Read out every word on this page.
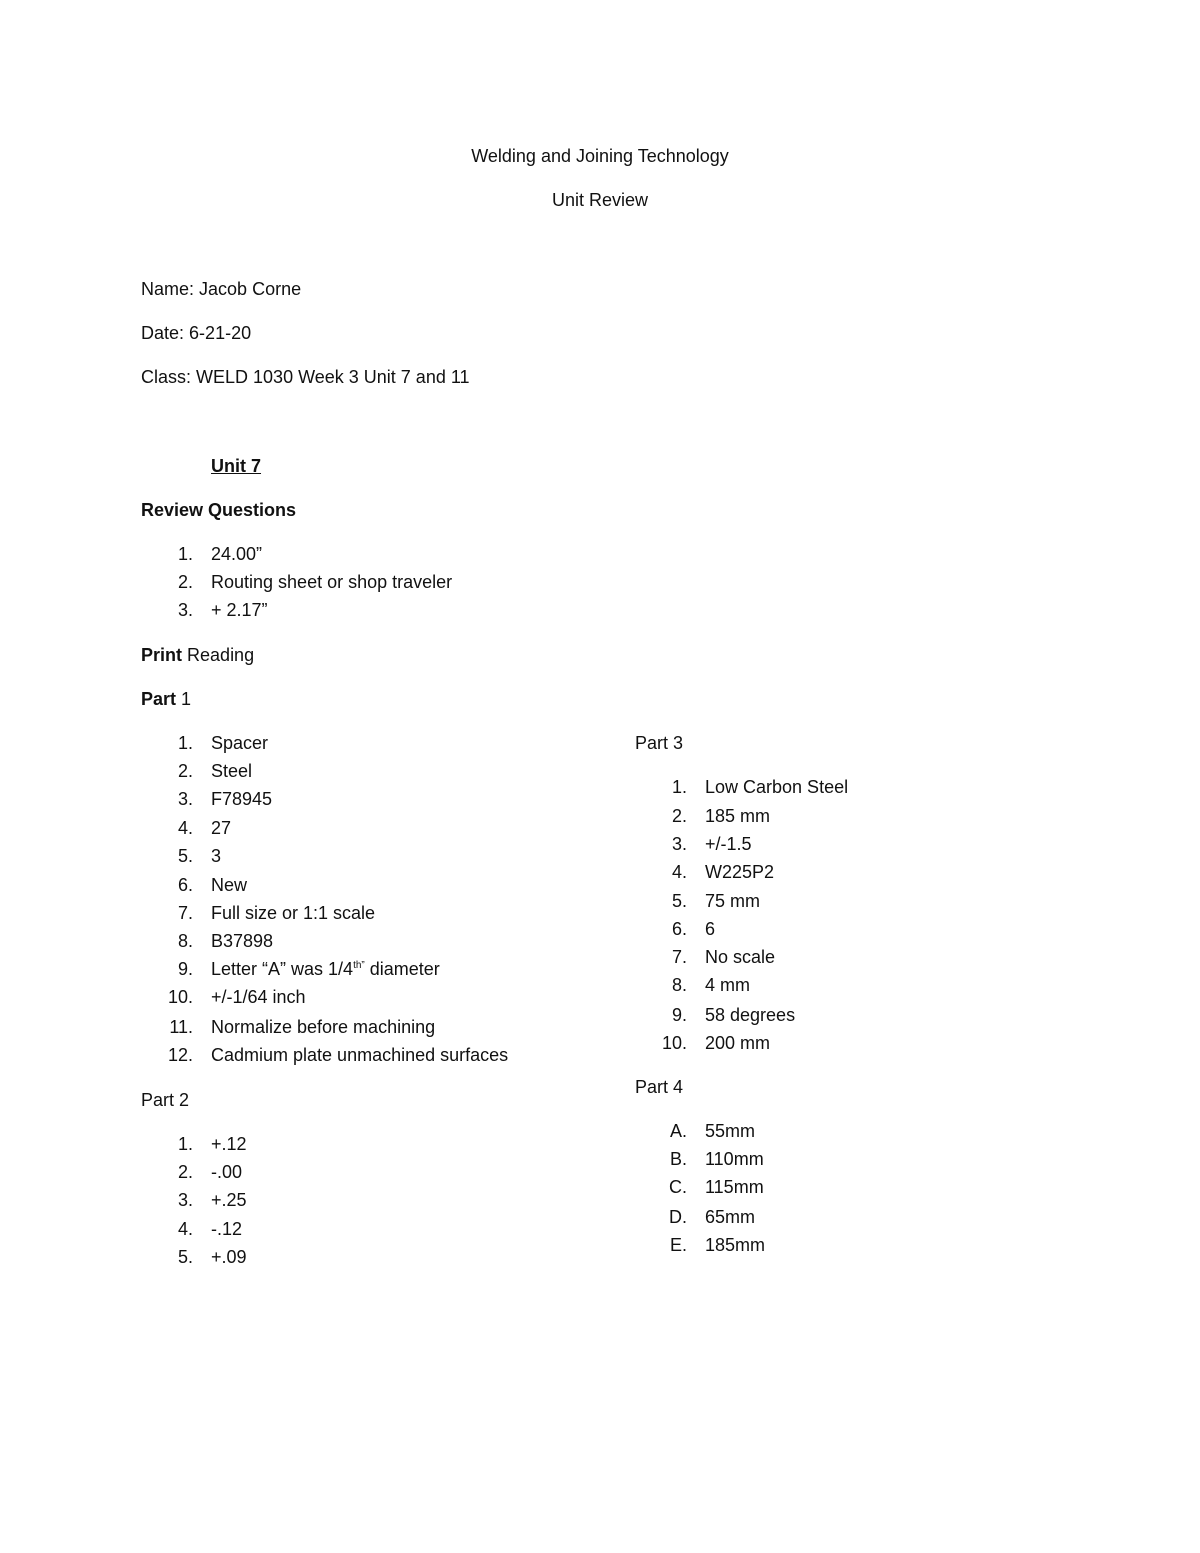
Welding and Joining Technology
Unit Review
Name: Jacob Corne
Date: 6-21-20
Class: WELD 1030 Week 3 Unit 7 and 11
Unit 7
Review Questions
1. 24.00”
2. Routing sheet or shop traveler
3. + 2.17”
Print Reading
Part 1
1. Spacer
2. Steel
3. F78945
4. 27
5. 3
6. New
7. Full size or 1:1 scale
8. B37898
9. Letter “A” was $1/4^{th”}$ diameter
10. +/-1/64 inch
11. Normalize before machining
12. Cadmium plate unmachined surfaces
Part 2
1. +.12
2. -.00
3. +.25
4. -.12
5. +.09
Part 3
1. Low Carbon Steel
2. 185 mm
3. +/-1.5
4. W225P2
5. 75 mm
6. 6
7. No scale
8. 4 mm
9. 58 degrees
10. 200 mm
Part 4
A. 55mm
B. 110mm
C. 115mm
D. 65mm
E. 185mm
